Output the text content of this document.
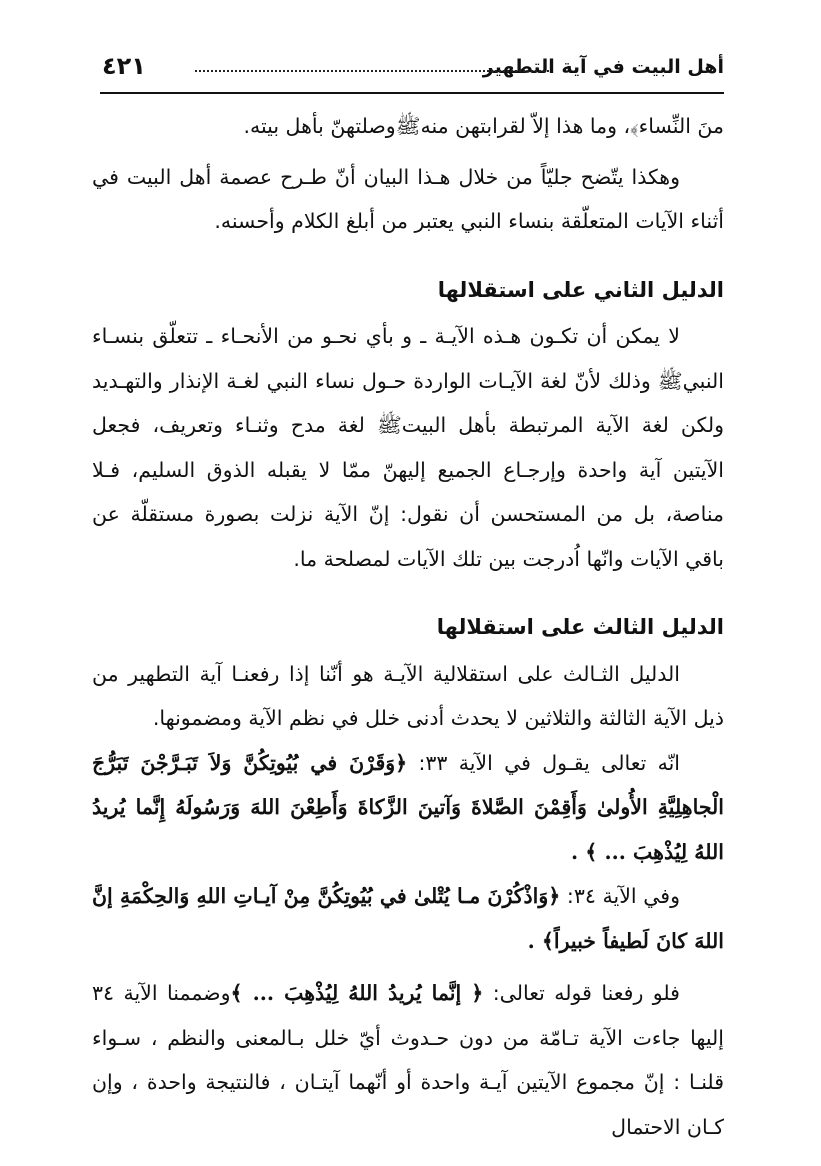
أهل البيت في آية التطهير
٤٢١

منَ النِّساء﴾، وما هذا إلاّ لقرابتهن منهﷺوصلتهنّ بأهل بيته.

وهكذا يتّضح جليّاً من خلال هـذا البيان أنّ طـرح عصمة أهل البيت في أثناء الآيات المتعلّقة بنساء النبي يعتبر من أبلغ الكلام وأحسنه.

الدليل الثاني على استقلالها

لا يمكن أن تكـون هـذه الآيـة ـ و بأي نحـو من الأنحـاء ـ تتعلّق بنسـاء النبيﷺ وذلك لأنّ لغة الآيـات الواردة حـول نساء النبي لغـة الإنذار والتهـديد ولكن لغة الآية المرتبطة بأهل البيتﷺ لغة مدح وثنـاء وتعريف، فجعل الآيتين آية واحدة وإرجـاع الجميع إليهنّ ممّا لا يقبله الذوق السليم، فـلا مناصة، بل من المستحسن أن نقول: إنّ الآية نزلت بصورة مستقلّة عن باقي الآيات وانّها اُدرجت بين تلك الآيات لمصلحة ما.

الدليل الثالث على استقلالها

الدليل الثـالث على استقلالية الآيـة هو أنّنا إذا رفعنـا آية التطهير من ذيل الآية الثالثة والثلاثين لا يحدث أدنى خلل في نظم الآية ومضمونها.

انّه تعالى يقـول في الآية ٣٣: ﴿وَقَرْنَ في بُيُوتِكُنَّ وَلاَ تَبَـرَّجْنَ تَبَرُّجَ الْجاهِلِيَّةِ الأُولىٰ وَأَقِمْنَ الصَّلاةَ وَآتينَ الزَّكاةَ وَأَطِعْنَ اللهَ وَرَسُولَهُ إِنَّما يُريدُ اللهُ لِيُذْهِبَ ... ﴾ .

وفي الآية ٣٤: ﴿وَاذْكُرْنَ مـا يُتْلىٰ في بُيُوتِكُنَّ مِنْ آيـاتِ اللهِ وَالحِكْمَةِ إنَّ اللهَ كانَ لَطيفاً خبيراً﴾ .

فلو رفعنا قوله تعالى: ﴿ إنَّما يُريدُ اللهُ لِيُذْهِبَ ... ﴾وضممنا الآية ٣٤ إليها جاءت الآية تـامّة من دون حـدوث أيّ خلل بـالمعنى والنظم ، سـواء قلنـا : إنّ مجموع الآيتين آيـة واحدة أو أنّهما آيتـان ، فالنتيجة واحدة ، وإن كـان الاحتمال
